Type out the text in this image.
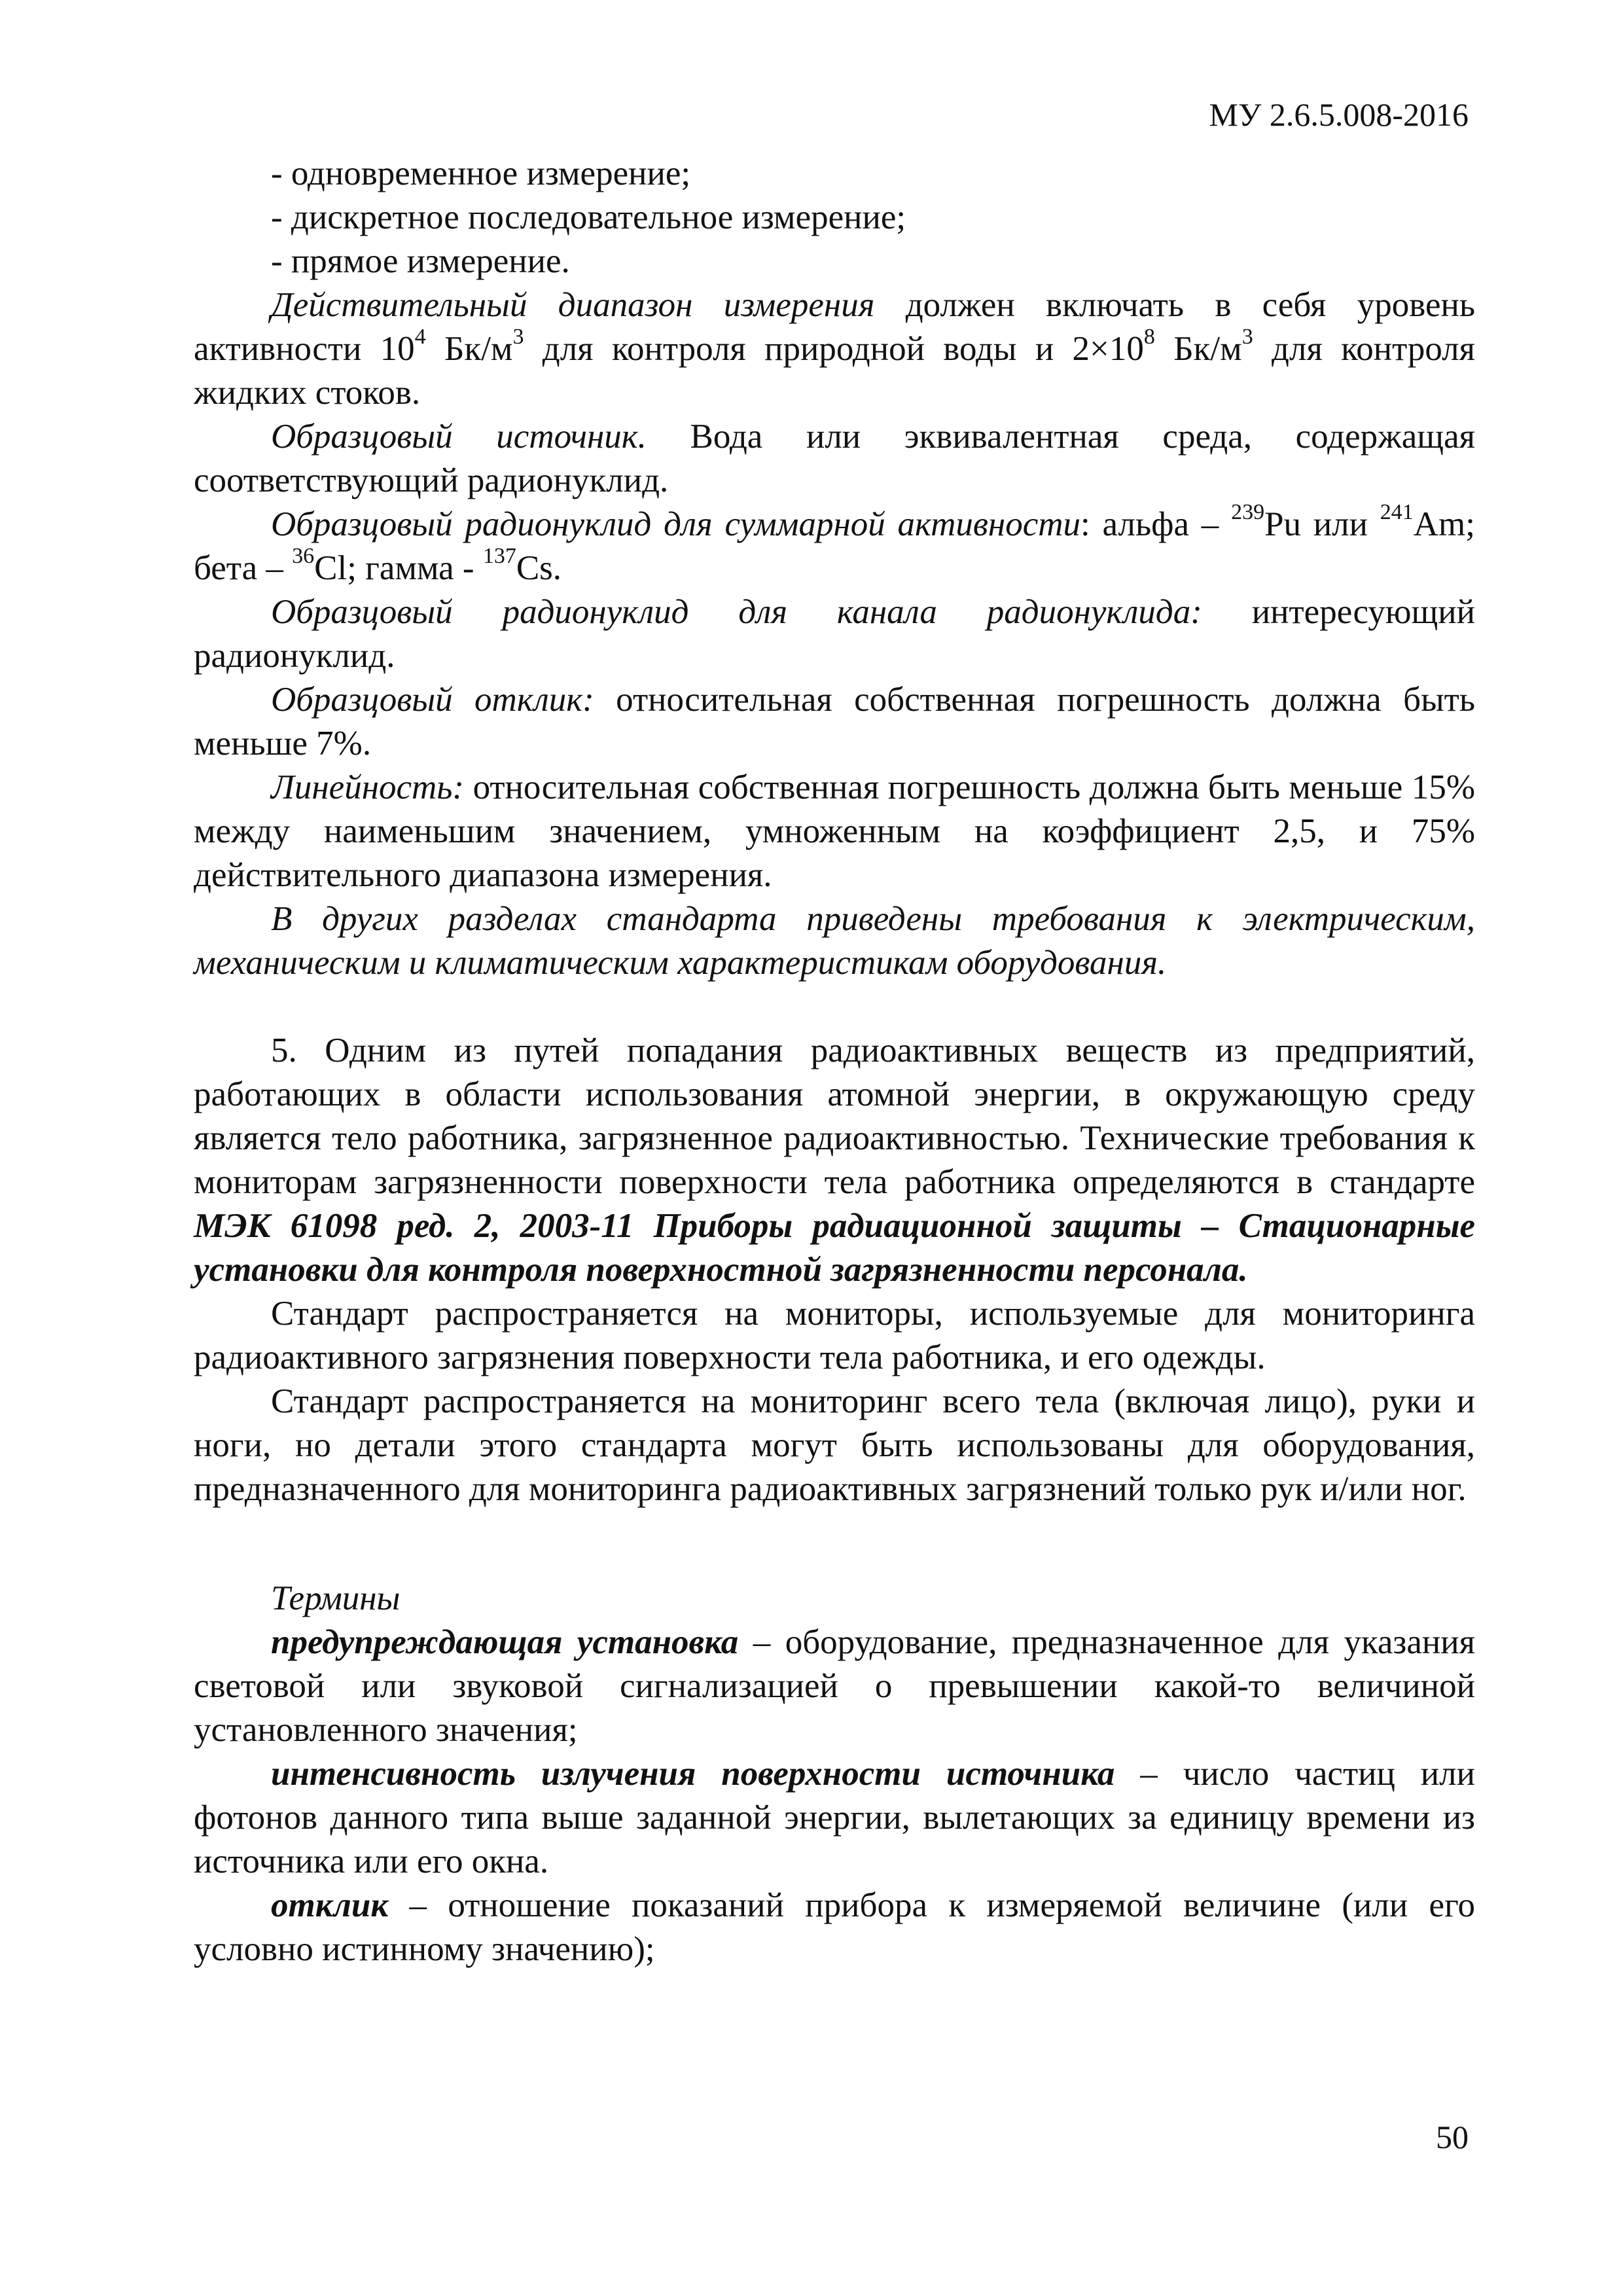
МУ 2.6.5.008-2016

- одновременное измерение;

- дискретное последовательное измерение;

- прямое измерение.

Действительный диапазон измерения должен включать в себя уровень активности $10^4$ $Бк/м^3$ для контроля природной воды и $2\times 10^8$ $Бк/м^3$ для контроля жидких стоков.

Образцовый источник. Вода или эквивалентная среда, содержащая соответствующий радионуклид.

Образцовый радионуклид для суммарной активности: альфа – $^{239}$Pu или $^{241}$Am; бета – $^{36}$Cl; гамма - $^{137}$Cs.

Образцовый радионуклид для канала радионуклида: интересующий радионуклид.

Образцовый отклик: относительная собственная погрешность должна быть меньше 7%.

Линейность: относительная собственная погрешность должна быть меньше 15% между наименьшим значением, умноженным на коэффициент 2,5, и 75% действительного диапазона измерения.

В других разделах стандарта приведены требования к электрическим, механическим и климатическим характеристикам оборудования.

5. Одним из путей попадания радиоактивных веществ из предприятий, работающих в области использования атомной энергии, в окружающую среду является тело работника, загрязненное радиоактивностью. Технические требования к мониторам загрязненности поверхности тела работника определяются в стандарте МЭК 61098 ред. 2, 2003-11 Приборы радиационной защиты – Стационарные установки для контроля поверхностной загрязненности персонала.

Стандарт распространяется на мониторы, используемые для мониторинга радиоактивного загрязнения поверхности тела работника, и его одежды.

Стандарт распространяется на мониторинг всего тела (включая лицо), руки и ноги, но детали этого стандарта могут быть использованы для оборудования, предназначенного для мониторинга радиоактивных загрязнений только рук и/или ног.

Термины

предупреждающая установка – оборудование, предназначенное для указания световой или звуковой сигнализацией о превышении какой-то величиной установленного значения;

интенсивность излучения поверхности источника – число частиц или фотонов данного типа выше заданной энергии, вылетающих за единицу времени из источника или его окна.

отклик – отношение показаний прибора к измеряемой величине (или его условно истинному значению);

50
